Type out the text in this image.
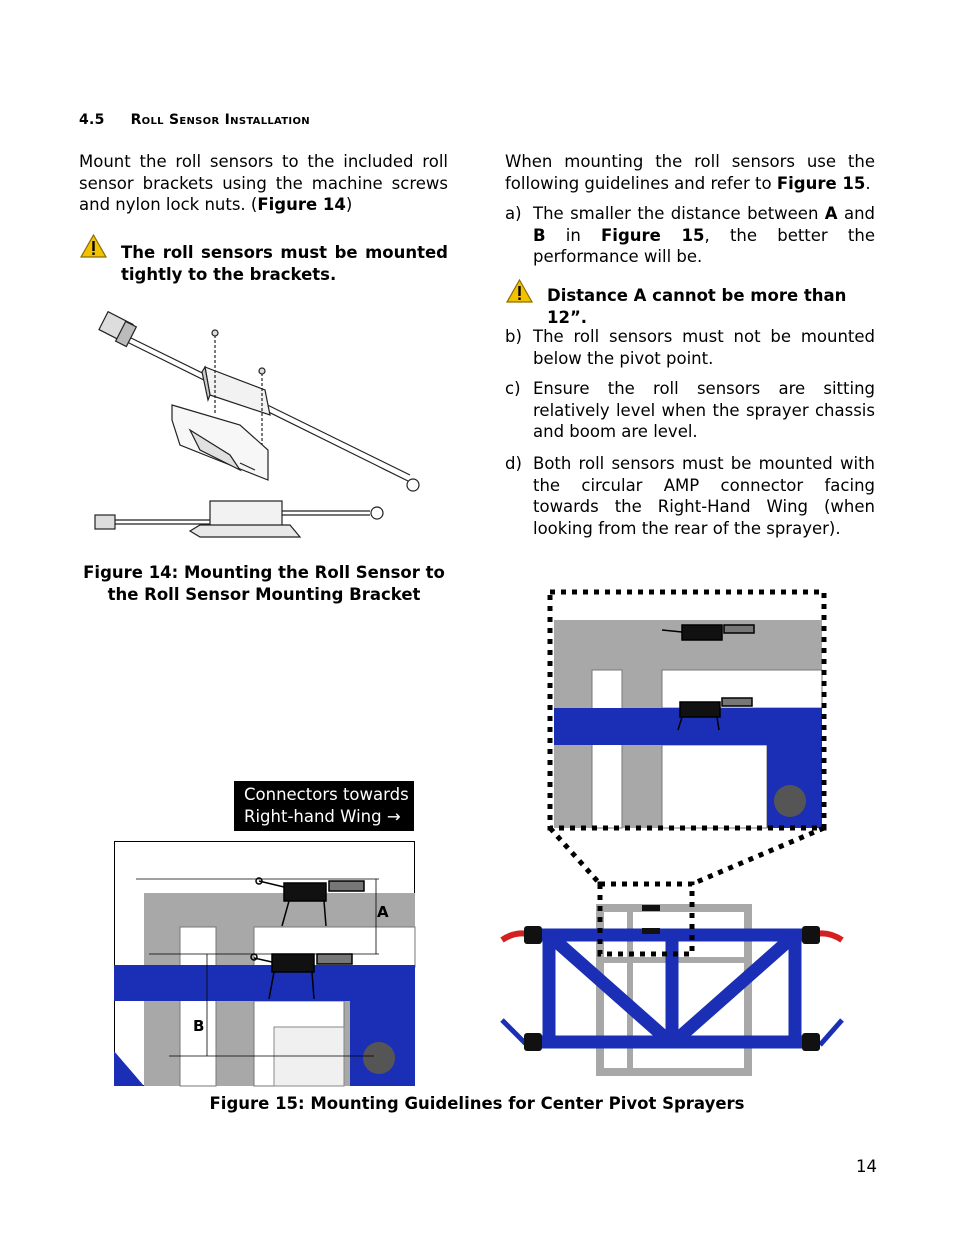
4.5 Roll Sensor Installation
Mount the roll sensors to the included roll sensor brackets using the machine screws and nylon lock nuts. (Figure 14)
The roll sensors must be mounted tightly to the brackets.
When mounting the roll sensors use the following guidelines and refer to Figure 15.
a) The smaller the distance between A and B in Figure 15, the better the performance will be.
Distance A cannot be more than 12”.
b) The roll sensors must not be mounted below the pivot point.
c) Ensure the roll sensors are sitting relatively level when the sprayer chassis and boom are level.
d) Both roll sensors must be mounted with the circular AMP connector facing towards the Right-Hand Wing (when looking from the rear of the sprayer).
Figure 14: Mounting the Roll Sensor to
the Roll Sensor Mounting Bracket
Connectors towards
Right-hand Wing →
A
B
Figure 15: Mounting Guidelines for Center Pivot Sprayers
14
